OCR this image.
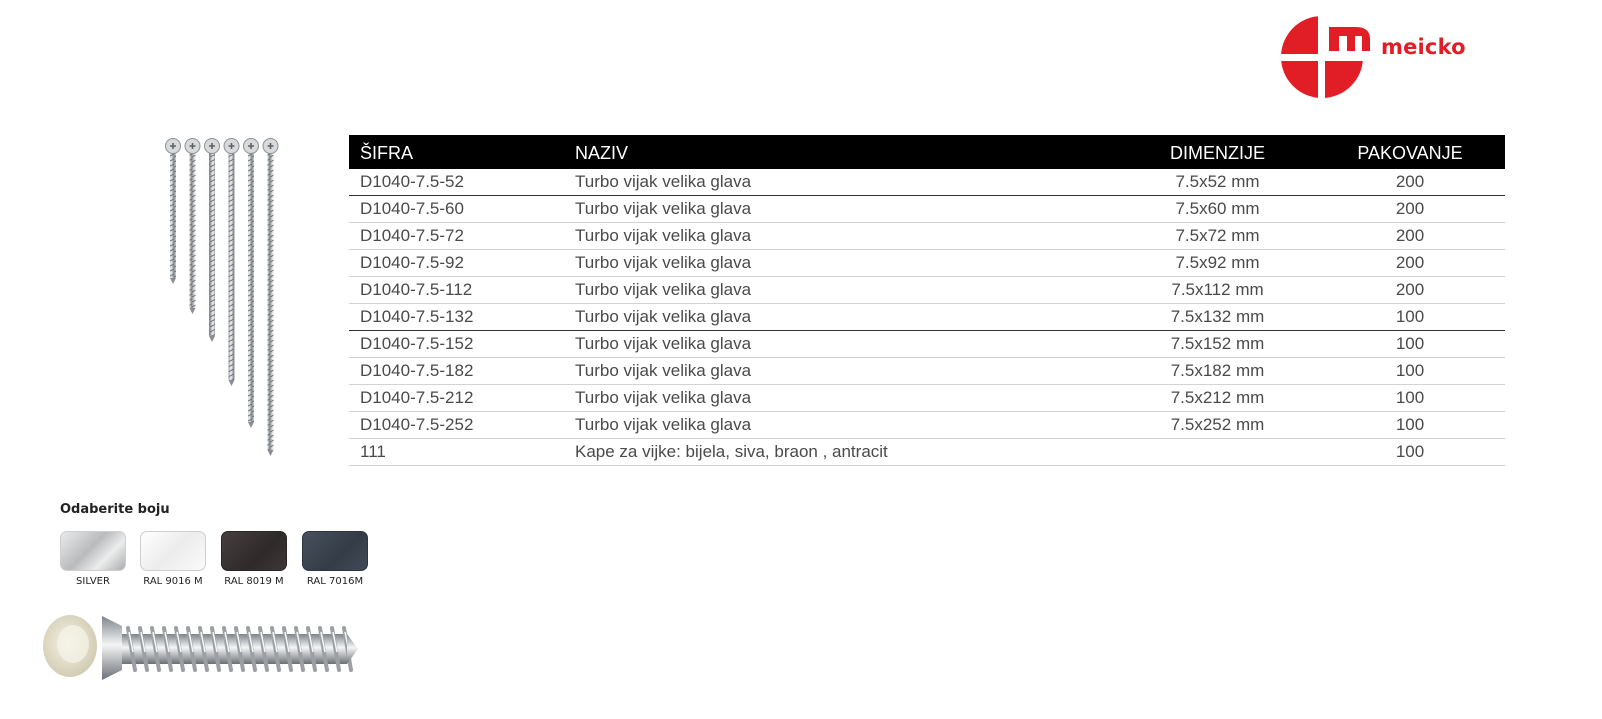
meicko
ŠIFRA	NAZIV	DIMENZIJE	PAKOVANJE
D1040-7.5-52	Turbo vijak velika glava	7.5x52 mm	200
D1040-7.5-60	Turbo vijak velika glava	7.5x60 mm	200
D1040-7.5-72	Turbo vijak velika glava	7.5x72 mm	200
D1040-7.5-92	Turbo vijak velika glava	7.5x92 mm	200
D1040-7.5-112	Turbo vijak velika glava	7.5x112 mm	200
D1040-7.5-132	Turbo vijak velika glava	7.5x132 mm	100
D1040-7.5-152	Turbo vijak velika glava	7.5x152 mm	100
D1040-7.5-182	Turbo vijak velika glava	7.5x182 mm	100
D1040-7.5-212	Turbo vijak velika glava	7.5x212 mm	100
D1040-7.5-252	Turbo vijak velika glava	7.5x252 mm	100
111	Kape za vijke: bijela, siva, braon , antracit		100
Odaberite boju
SILVER	RAL 9016 M	RAL 8019 M	RAL 7016M
